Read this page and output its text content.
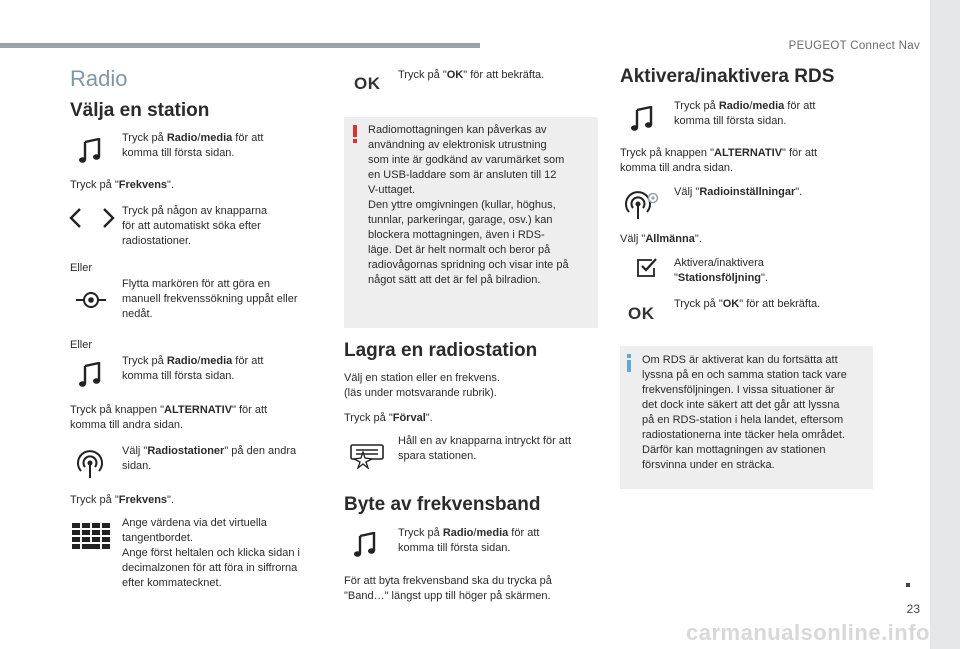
PEUGEOT Connect Nav
23
carmanualsonline.info
Radio
Välja en station
Tryck på Radio/media för att
komma till första sidan.
Tryck på "Frekvens".
Tryck på någon av knapparna
för att automatiskt söka efter
radiostationer.
Eller
Flytta markören för att göra en
manuell frekvenssökning uppåt eller
nedåt.
Eller
Tryck på Radio/media för att
komma till första sidan.
Tryck på knappen "ALTERNATIV" för att
komma till andra sidan.
Välj "Radiostationer" på den andra
sidan.
Tryck på "Frekvens".
Ange värdena via det virtuella
tangentbordet.
Ange först heltalen och klicka sidan i
decimalzonen för att föra in siffrorna
efter kommatecknet.
OK Tryck på "OK" för att bekräfta.
Radiomottagningen kan påverkas av
användning av elektronisk utrustning
som inte är godkänd av varumärket som
en USB-laddare som är ansluten till 12
V-uttaget.
Den yttre omgivningen (kullar, höghus,
tunnlar, parkeringar, garage, osv.) kan
blockera mottagningen, även i RDS-
läge. Det är helt normalt och beror på
radiovågornas spridning och visar inte på
något sätt att det är fel på bilradion.
Lagra en radiostation
Välj en station eller en frekvens.
(läs under motsvarande rubrik).
Tryck på "Förval".
Håll en av knapparna intryckt för att
spara stationen.
Byte av frekvensband
Tryck på Radio/media för att
komma till första sidan.
För att byta frekvensband ska du trycka på
"Band…" längst upp till höger på skärmen.
Aktivera/inaktivera RDS
Tryck på Radio/media för att
komma till första sidan.
Tryck på knappen "ALTERNATIV" för att
komma till andra sidan.
Välj "Radioinställningar".
Välj "Allmänna".
Aktivera/inaktivera
"Stationsföljning".
OK Tryck på "OK" för att bekräfta.
Om RDS är aktiverat kan du fortsätta att
lyssna på en och samma station tack vare
frekvensföljningen. I vissa situationer är
det dock inte säkert att det går att lyssna
på en RDS-station i hela landet, eftersom
radiostationerna inte täcker hela området.
Därför kan mottagningen av stationen
försvinna under en sträcka.
